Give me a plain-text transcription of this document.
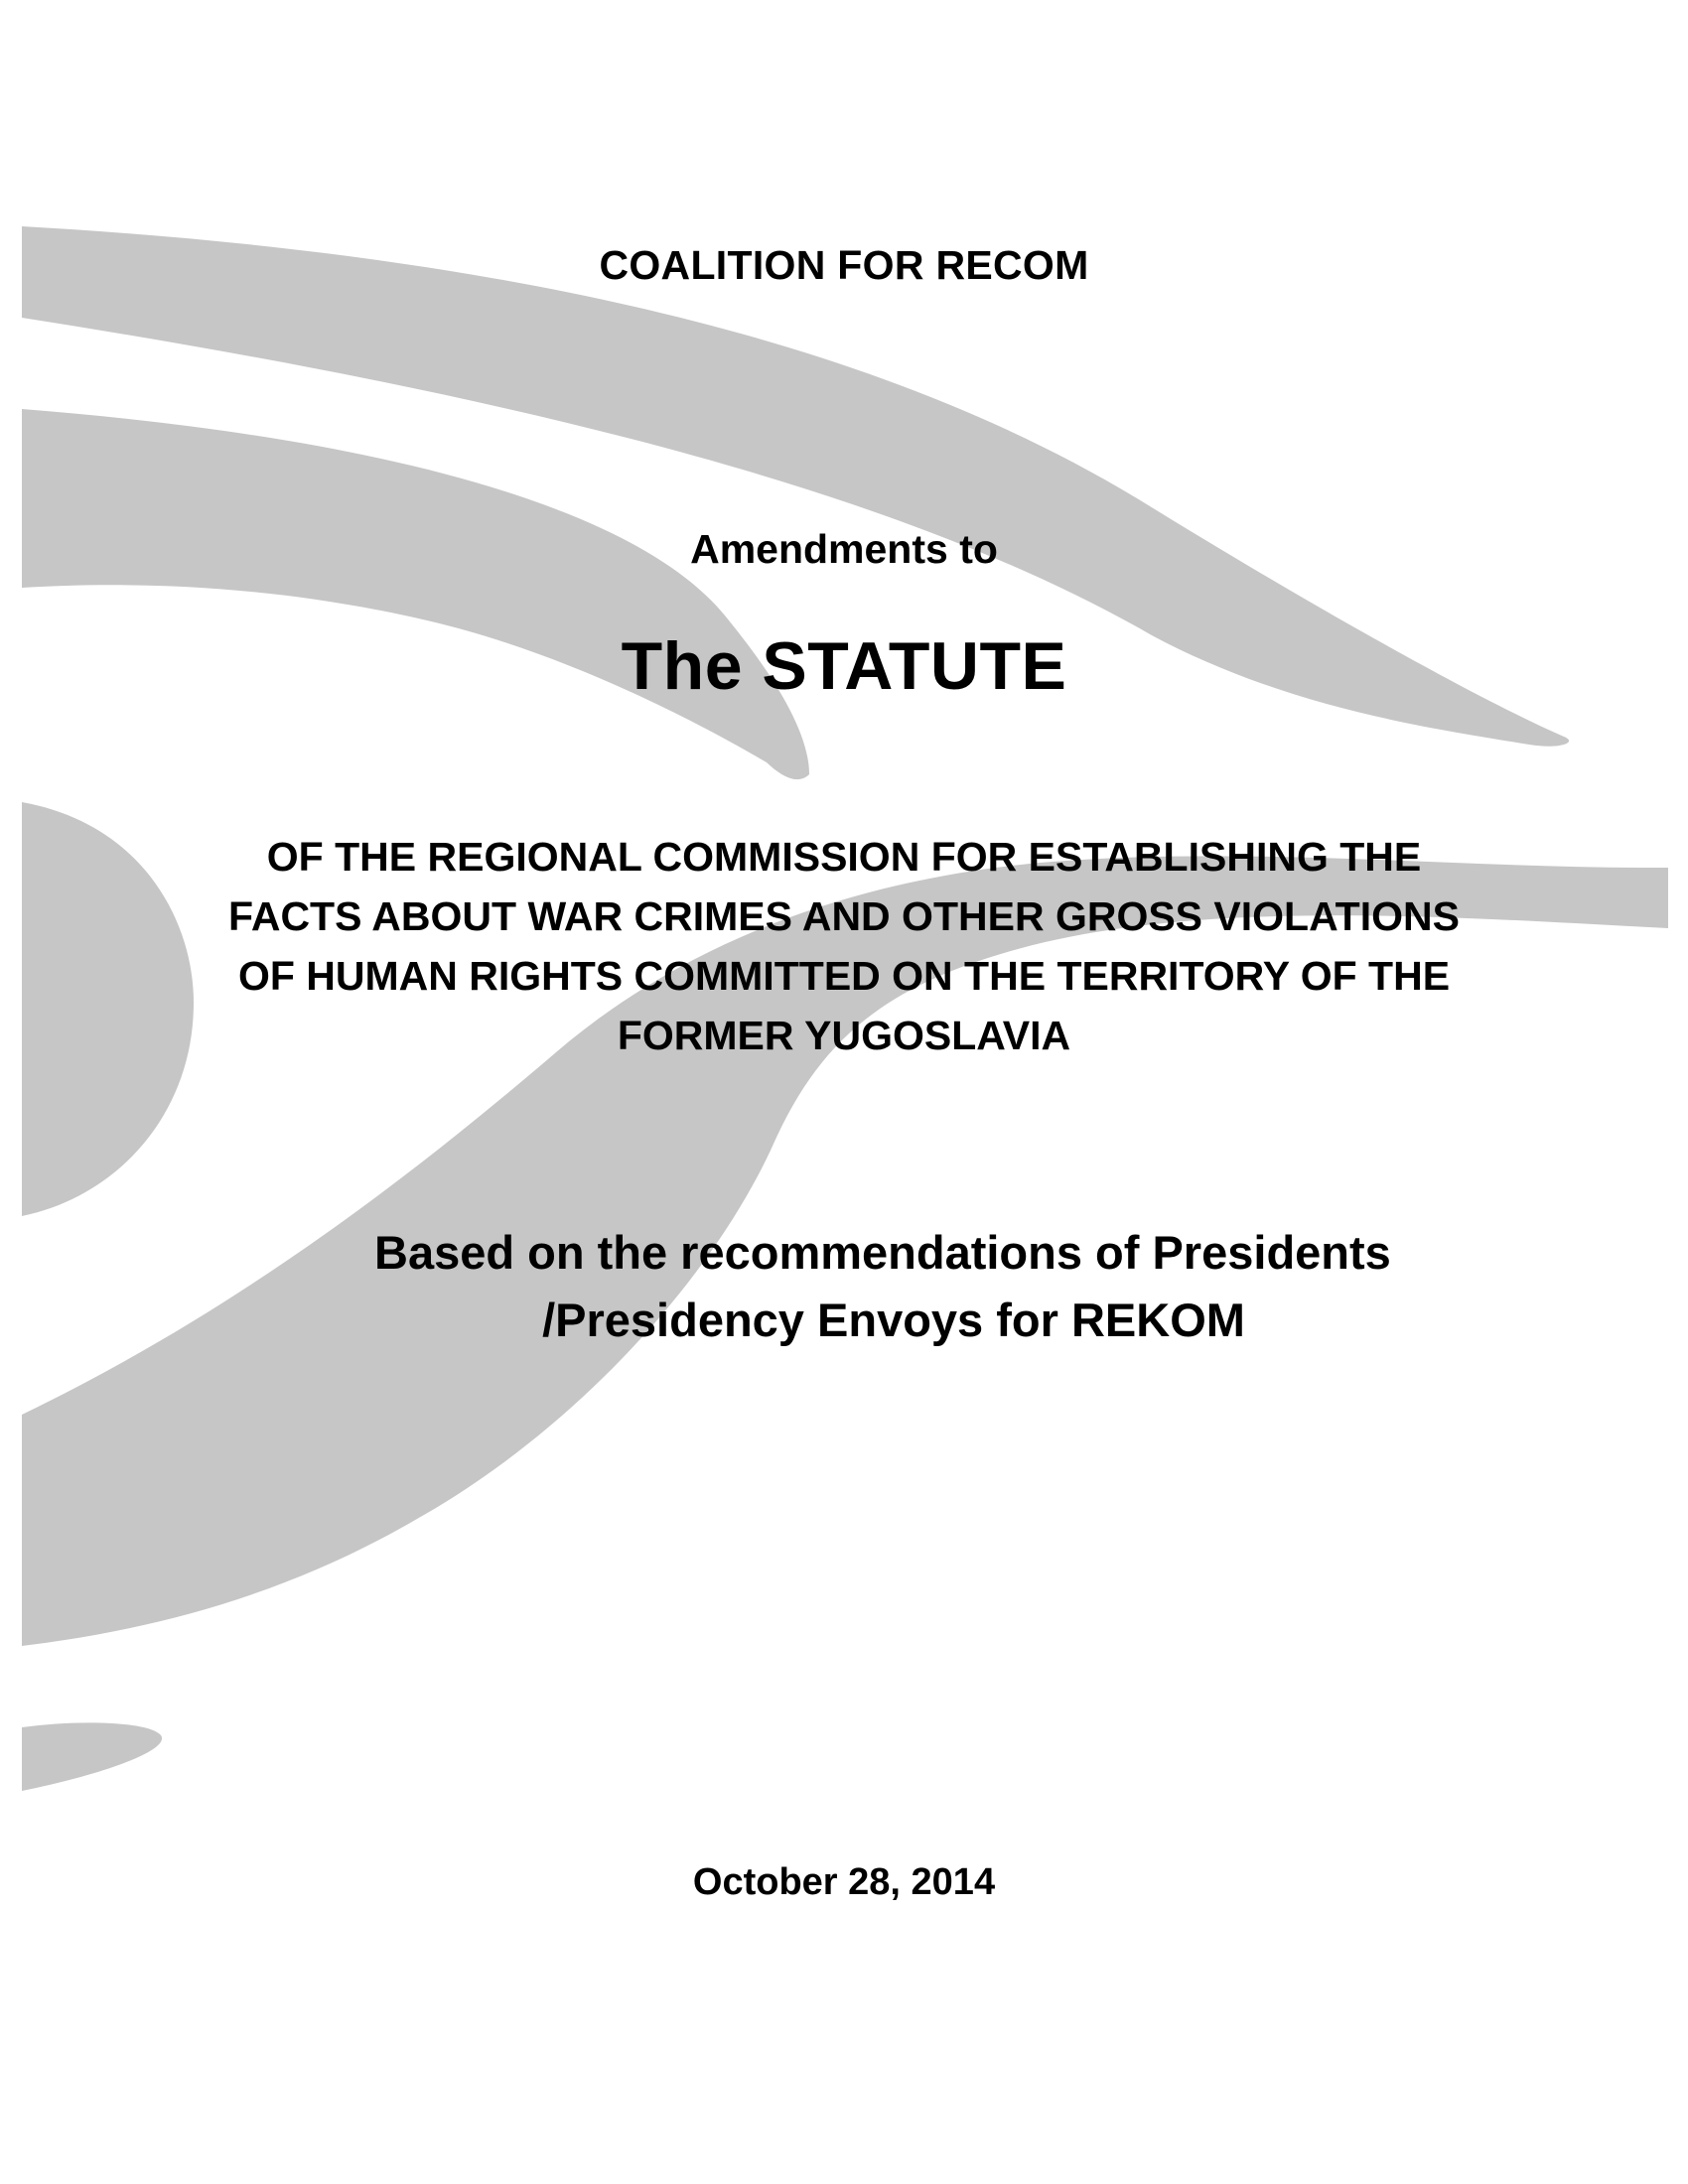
COALITION FOR RECOM

Amendments to

The STATUTE

OF THE REGIONAL COMMISSION FOR ESTABLISHING THE FACTS ABOUT WAR CRIMES AND OTHER GROSS VIOLATIONS OF HUMAN RIGHTS COMMITTED ON THE TERRITORY OF THE FORMER YUGOSLAVIA

Based on the recommendations of Presidents
/Presidency Envoys for REKOM

October 28, 2014
